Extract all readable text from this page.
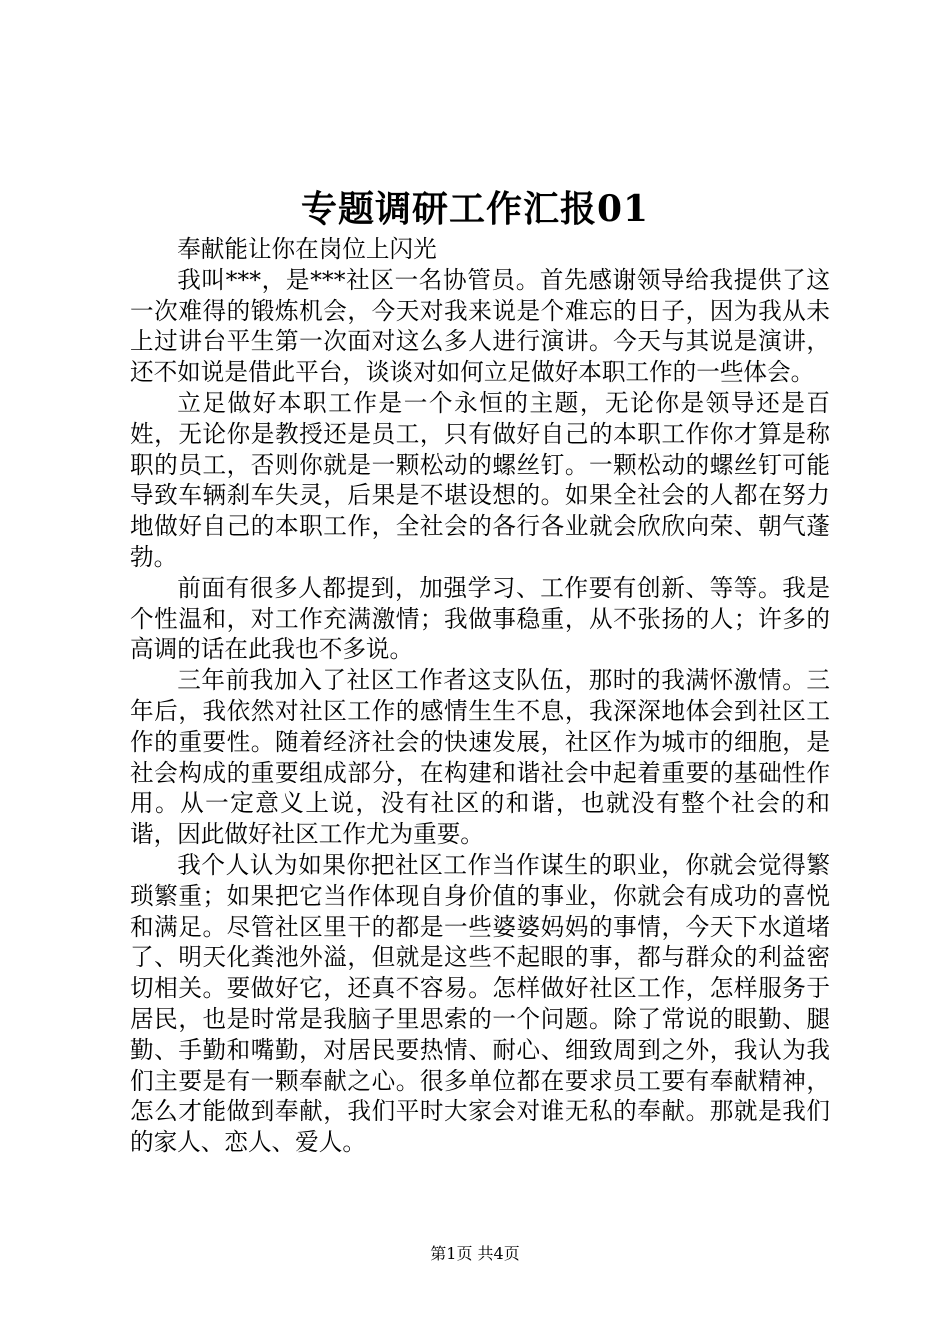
专题调研工作汇报01

奉献能让你在岗位上闪光

我叫***，是***社区一名协管员。首先感谢领导给我提供了这一次难得的锻炼机会，今天对我来说是个难忘的日子，因为我从未上过讲台平生第一次面对这么多人进行演讲。今天与其说是演讲，还不如说是借此平台，谈谈对如何立足做好本职工作的一些体会。

立足做好本职工作是一个永恒的主题，无论你是领导还是百姓，无论你是教授还是员工，只有做好自己的本职工作你才算是称职的员工，否则你就是一颗松动的螺丝钉。一颗松动的螺丝钉可能导致车辆刹车失灵，后果是不堪设想的。如果全社会的人都在努力地做好自己的本职工作，全社会的各行各业就会欣欣向荣、朝气蓬勃。

前面有很多人都提到，加强学习、工作要有创新、等等。我是个性温和，对工作充满激情；我做事稳重，从不张扬的人；许多的高调的话在此我也不多说。

三年前我加入了社区工作者这支队伍，那时的我满怀激情。三年后，我依然对社区工作的感情生生不息，我深深地体会到社区工作的重要性。随着经济社会的快速发展，社区作为城市的细胞，是社会构成的重要组成部分，在构建和谐社会中起着重要的基础性作用。从一定意义上说，没有社区的和谐，也就没有整个社会的和谐，因此做好社区工作尤为重要。

我个人认为如果你把社区工作当作谋生的职业，你就会觉得繁琐繁重；如果把它当作体现自身价值的事业，你就会有成功的喜悦和满足。尽管社区里干的都是一些婆婆妈妈的事情，今天下水道堵了、明天化粪池外溢，但就是这些不起眼的事，都与群众的利益密切相关。要做好它，还真不容易。怎样做好社区工作，怎样服务于居民，也是时常是我脑子里思索的一个问题。除了常说的眼勤、腿勤、手勤和嘴勤，对居民要热情、耐心、细致周到之外，我认为我们主要是有一颗奉献之心。很多单位都在要求员工要有奉献精神，怎么才能做到奉献，我们平时大家会对谁无私的奉献。那就是我们的家人、恋人、爱人。

第1页 共4页
